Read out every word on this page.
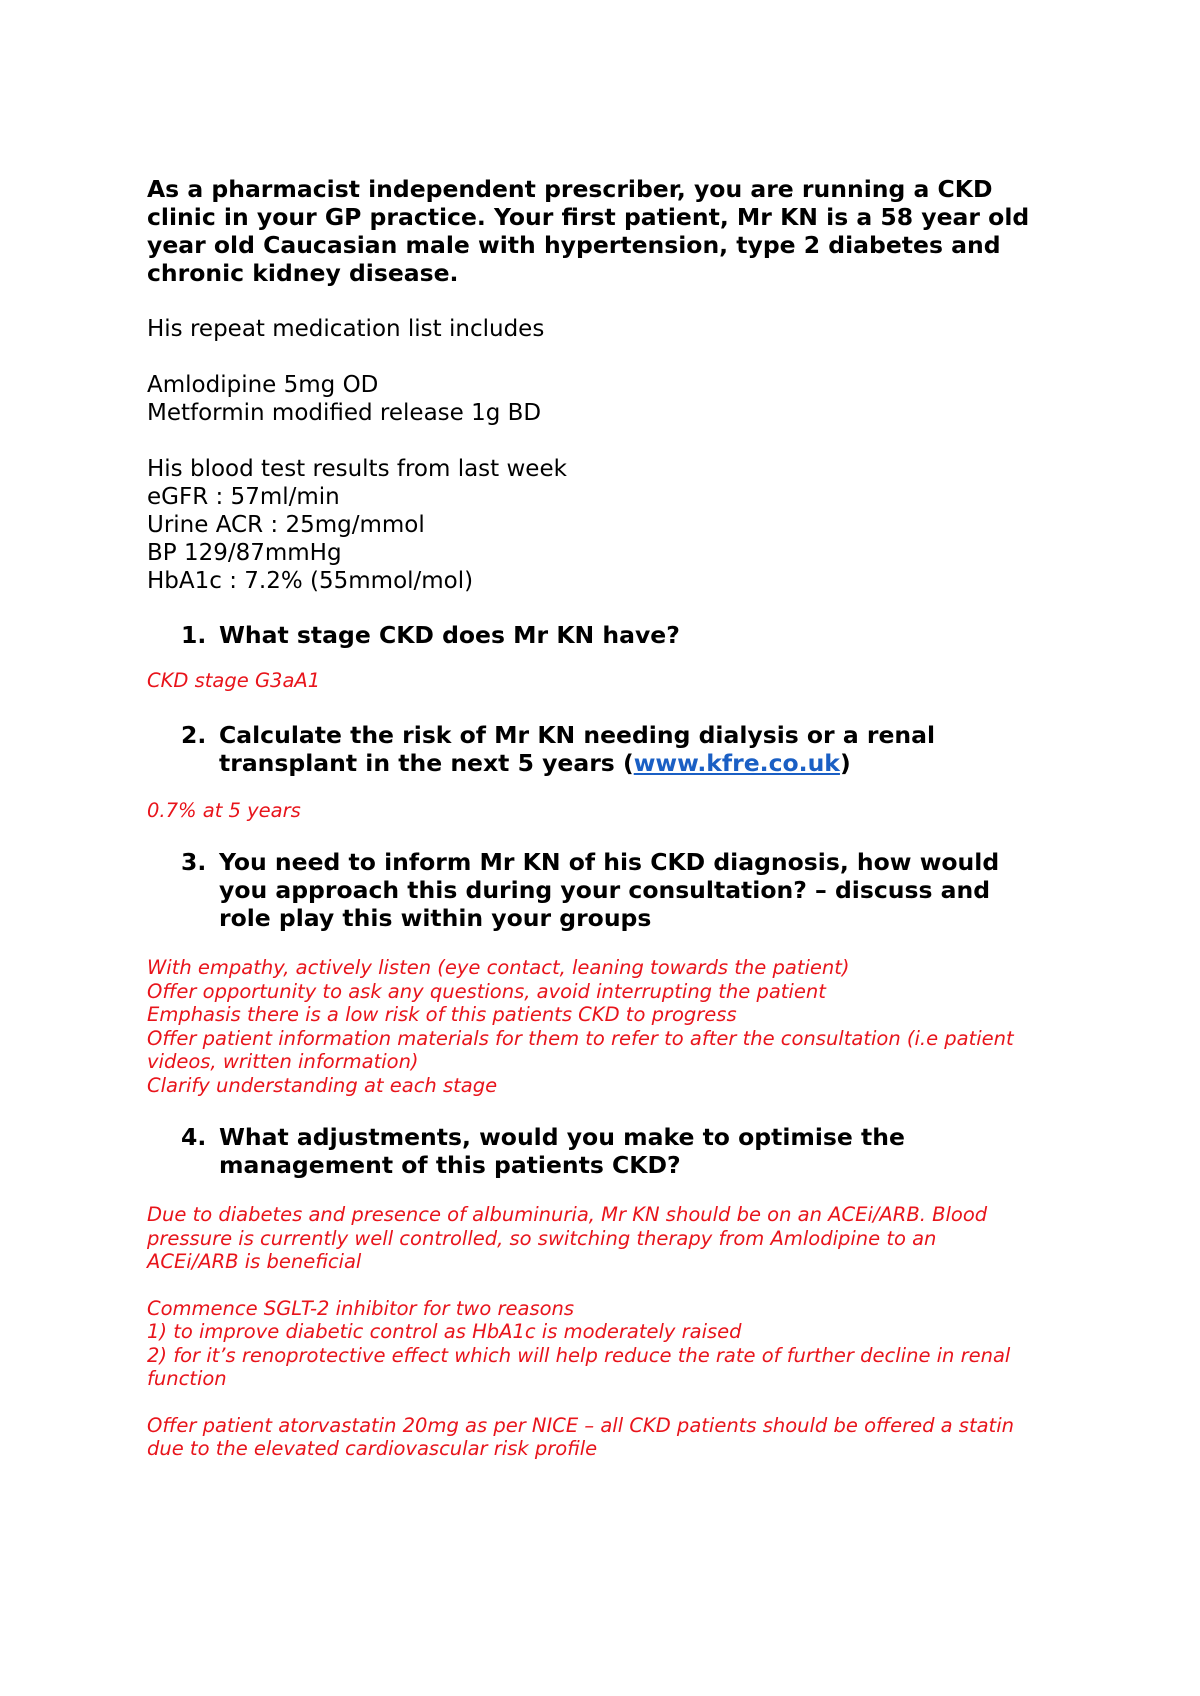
As a pharmacist independent prescriber, you are running a CKD
clinic in your GP practice. Your first patient, Mr KN is a 58 year old
year old Caucasian male with hypertension, type 2 diabetes and
chronic kidney disease.

His repeat medication list includes

Amlodipine 5mg OD
Metformin modified release 1g BD

His blood test results from last week
eGFR : 57ml/min
Urine ACR : 25mg/mmol
BP 129/87mmHg
HbA1c : 7.2% (55mmol/mol)

1. What stage CKD does Mr KN have?

CKD stage G3aA1

2. Calculate the risk of Mr KN needing dialysis or a renal
transplant in the next 5 years (www.kfre.co.uk)

0.7% at 5 years

3. You need to inform Mr KN of his CKD diagnosis, how would
you approach this during your consultation? – discuss and
role play this within your groups

With empathy, actively listen (eye contact, leaning towards the patient)
Offer opportunity to ask any questions, avoid interrupting the patient
Emphasis there is a low risk of this patients CKD to progress
Offer patient information materials for them to refer to after the consultation (i.e patient
videos, written information)
Clarify understanding at each stage

4. What adjustments, would you make to optimise the
management of this patients CKD?

Due to diabetes and presence of albuminuria, Mr KN should be on an ACEi/ARB. Blood
pressure is currently well controlled, so switching therapy from Amlodipine to an
ACEi/ARB is beneficial

Commence SGLT-2 inhibitor for two reasons
1) to improve diabetic control as HbA1c is moderately raised
2) for it’s renoprotective effect which will help reduce the rate of further decline in renal
function

Offer patient atorvastatin 20mg as per NICE – all CKD patients should be offered a statin
due to the elevated cardiovascular risk profile
